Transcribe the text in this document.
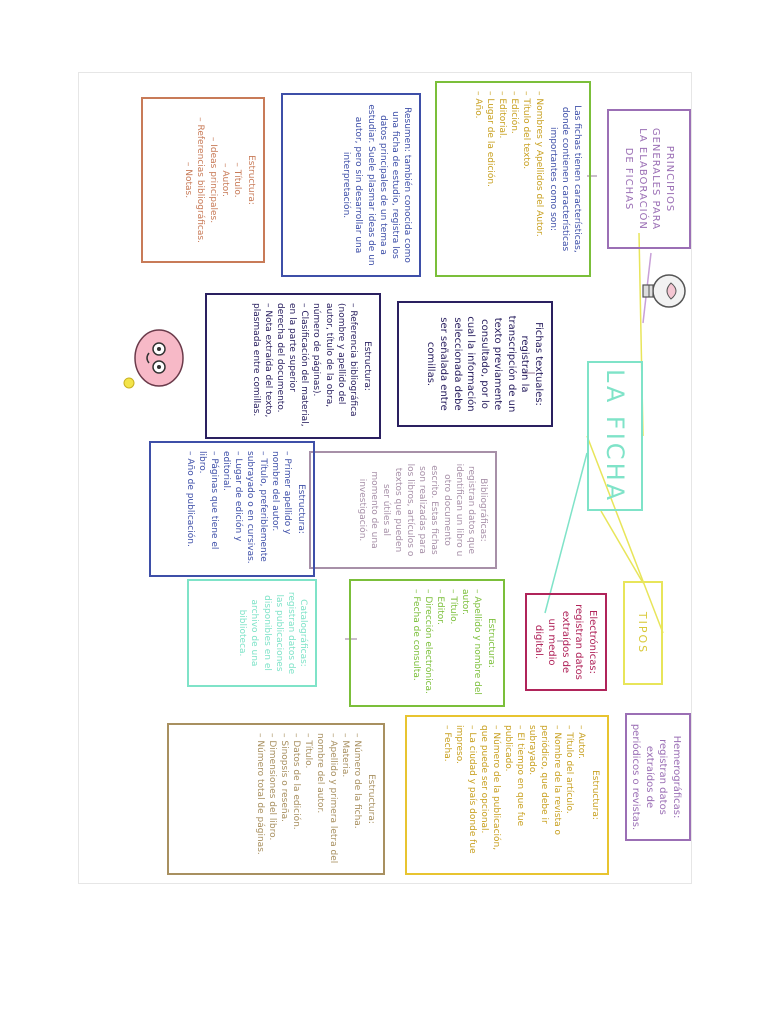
PRINCIPIOS GENERALES PARA LA ELABORACIÓN DE FICHAS
Las fichas tienen características, donde contienen características importantes como son:
– Nombres y Apellidos del Autor.
– Título del texto.
– Edición.
– Editorial.
– Lugar de la edición.
– Año.
Resumen: también conocida como una ficha de estudio, registra los datos principales de un tema a estudiar. Suele plasmar ideas de un autor, pero sin desarrollar una interpretación.
Estructura:
– Título.
– Autor.
– Ideas principales.
– Referencias bibliográficas.
– Notas.
Fichas textuales: registran la transcripción de un texto previamente consultado, por lo cual la información seleccionada debe ser señalada entre comillas.
Estructura:
– Referencia bibliográfica (nombre y apellido del autor, título de la obra, número de páginas).
– Clasificación del material, en la parte superior derecha del documento.
– Nota extraída del texto, plasmada entre comillas.
LA FICHA
Bibliográficas: registran datos que identifican un libro u otro documento escrito. Estas fichas son realizadas para los libros, artículos o textos que pueden ser útiles al momento de una investigación.
Estructura:
– Primer apellido y nombre del autor.
– Título, preferiblemente subrayado o en cursivas.
– Lugar de edición y editorial.
– Páginas que tiene el libro.
– Año de publicación.
TIPOS
Electrónicas: registran datos extraídos de un medio digital.
Estructura:
– Apellido y nombre del autor.
– Título.
– Editor.
– Dirección electrónica.
– Fecha de consulta.
Catalográficas: registran datos de las publicaciones disponibles en el archivo de una biblioteca.
Hemerográficas: registran datos extraídos de periódicos o revistas.
Estructura:
– Autor.
– Título del artículo.
– Nombre de la revista o periódico, que debe ir subrayado.
– El tiempo en que fue publicado.
– Número de la publicación, que puede ser opcional.
– La ciudad y país donde fue impreso.
– Fecha.
Estructura:
– Número de la ficha.
– Materia.
– Apellido y primera letra del nombre del autor.
– Título.
– Datos de la edición.
– Sinopsis o reseña.
– Dimensiones del libro.
– Número total de páginas.
